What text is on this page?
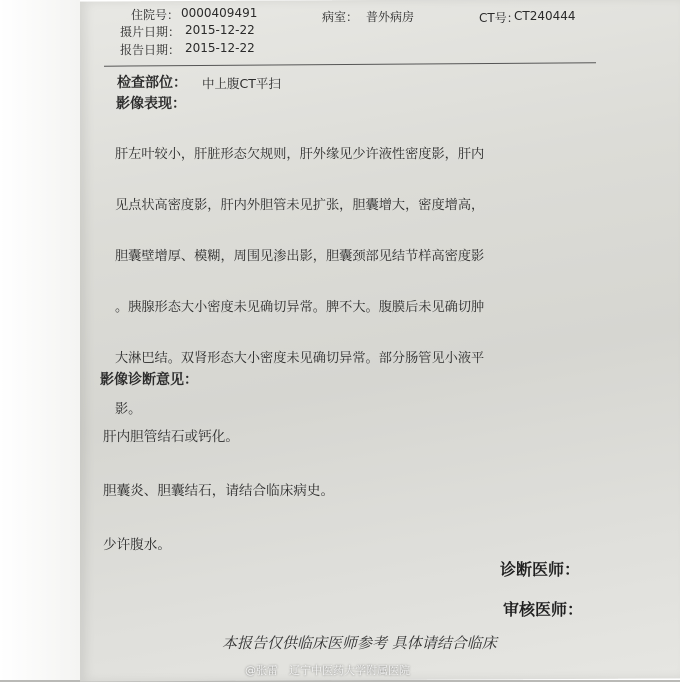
住院号： 0000409491	病室： 普外病房	CT号：
CT240444
摄片日期： 2015-12-22
报告日期： 2015-12-22
检查部位： 中上腹CT平扫
影像表现：

肝左叶较小，肝脏形态欠规则，肝外缘见少许液性密度影，肝内

见点状高密度影，肝内外胆管未见扩张，胆囊增大，密度增高，

胆囊壁增厚、模糊，周围见渗出影，胆囊颈部见结节样高密度影

。胰腺形态大小密度未见确切异常。脾不大。腹膜后未见确切肿

大淋巴结。双肾形态大小密度未见确切异常。部分肠管见小液平

影。

影像诊断意见：

肝内胆管结石或钙化。

胆囊炎、胆囊结石，请结合临床病史。

少许腹水。

诊断医师：
审核医师：
本报告仅供临床医师参考 具体请结合临床
@张雷　辽宁中医药大学附属医院
